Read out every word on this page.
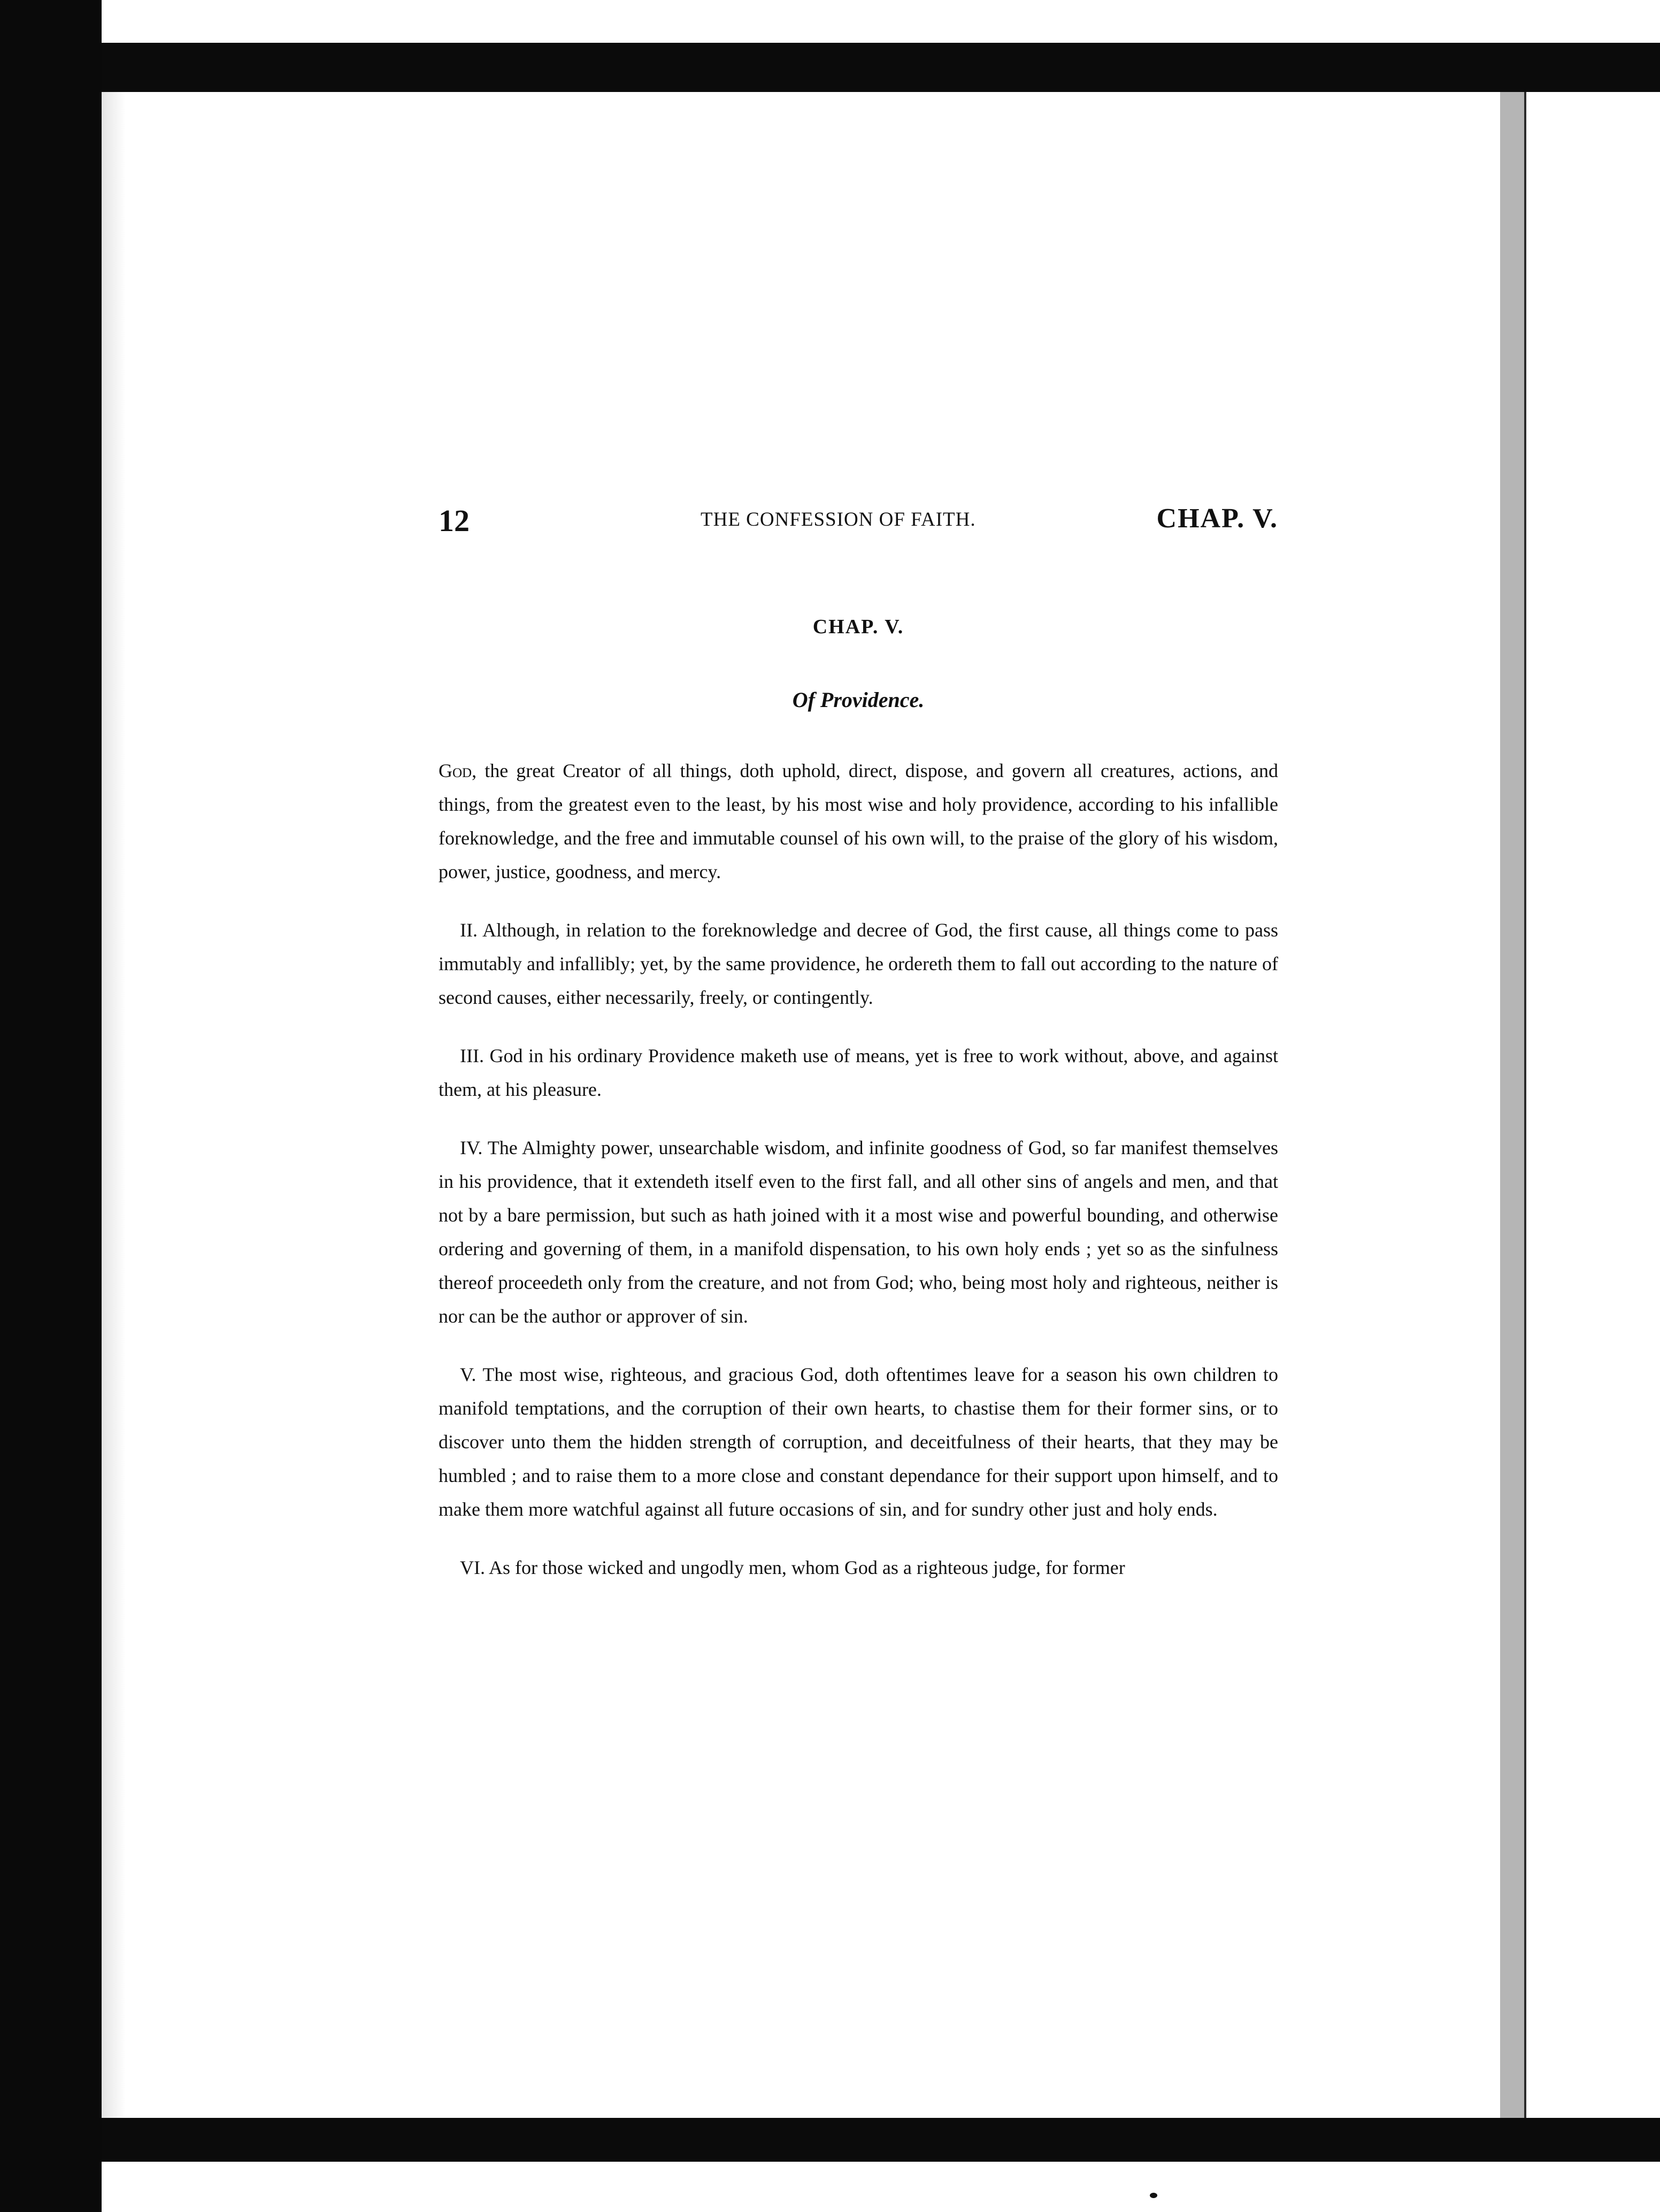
12	THE CONFESSION OF FAITH.	CHAP. V.
CHAP. V.
Of Providence.

God, the great Creator of all things, doth uphold, direct, dispose, and govern all creatures, actions, and things, from the greatest even to the least, by his most wise and holy providence, according to his infallible foreknowledge, and the free and immutable counsel of his own will, to the praise of the glory of his wisdom, power, justice, goodness, and mercy.

II. Although, in relation to the foreknowledge and decree of God, the first cause, all things come to pass immutably and infallibly; yet, by the same providence, he ordereth them to fall out according to the nature of second causes, either necessarily, freely, or contingently.

III. God in his ordinary Providence maketh use of means, yet is free to work without, above, and against them, at his pleasure.

IV. The Almighty power, unsearchable wisdom, and infinite goodness of God, so far manifest themselves in his providence, that it extendeth itself even to the first fall, and all other sins of angels and men, and that not by a bare permission, but such as hath joined with it a most wise and powerful bounding, and otherwise ordering and governing of them, in a manifold dispensation, to his own holy ends ; yet so as the sinfulness thereof proceedeth only from the creature, and not from God; who, being most holy and righteous, neither is nor can be the author or approver of sin.

V. The most wise, righteous, and gracious God, doth oftentimes leave for a season his own children to manifold temptations, and the corruption of their own hearts, to chastise them for their former sins, or to discover unto them the hidden strength of corruption, and deceitfulness of their hearts, that they may be humbled ; and to raise them to a more close and constant dependance for their support upon himself, and to make them more watchful against all future occasions of sin, and for sundry other just and holy ends.

VI. As for those wicked and ungodly men, whom God as a righteous judge, for former
